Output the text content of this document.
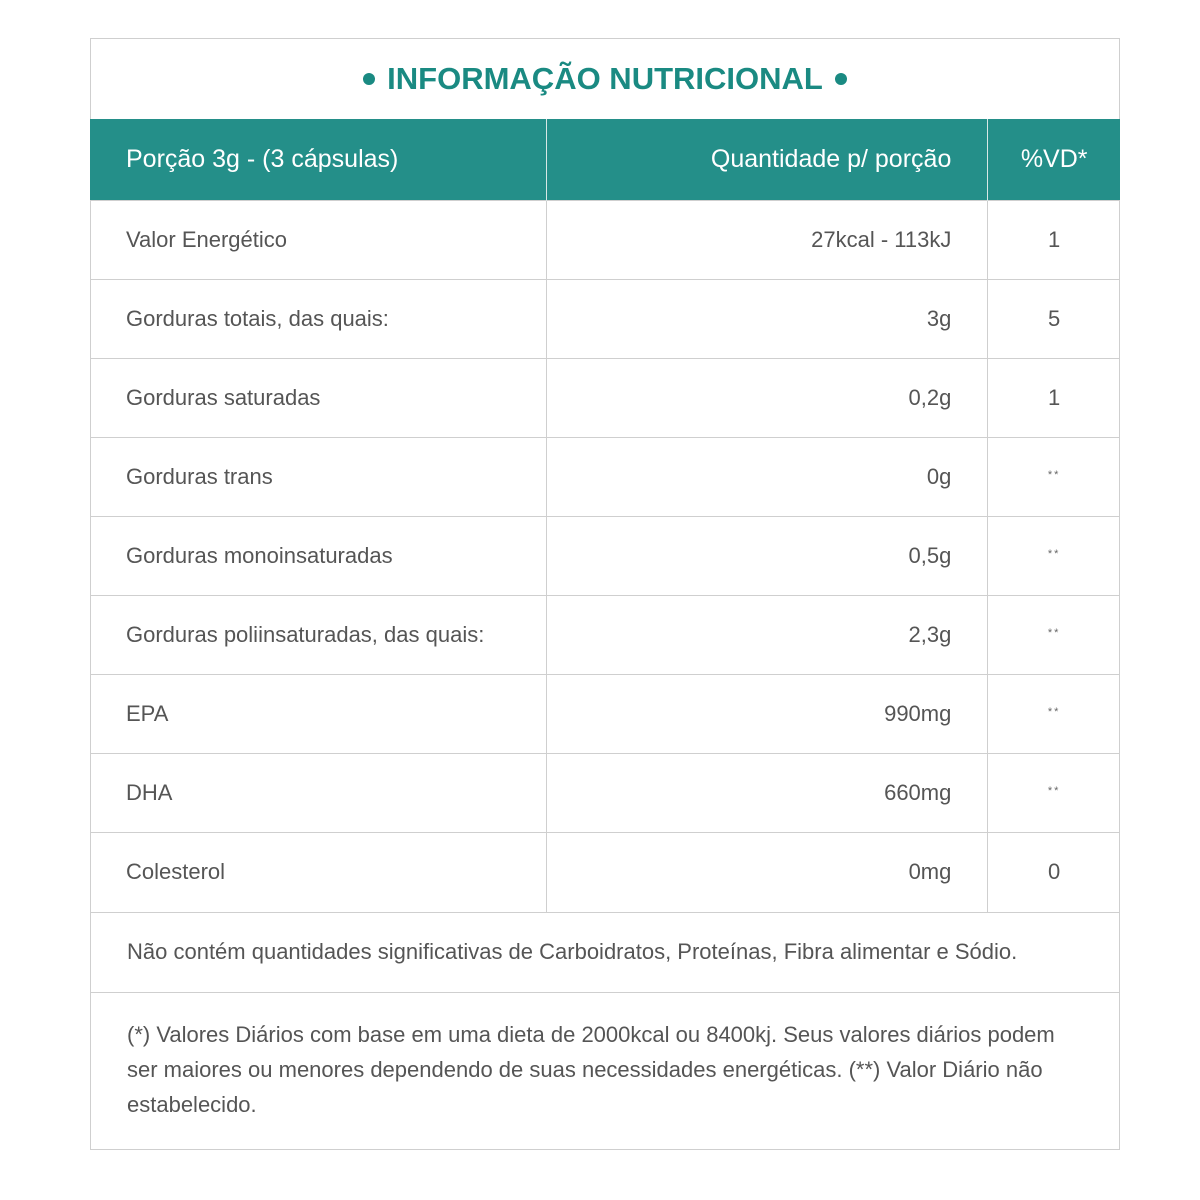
INFORMAÇÃO NUTRICIONAL
Porção 3g - (3 cápsulas)	Quantidade p/ porção	%VD*
Valor Energético	27kcal - 113kJ	1
Gorduras totais, das quais:	3g	5
Gorduras saturadas	0,2g	1
Gorduras trans	0g	**
Gorduras monoinsaturadas	0,5g	**
Gorduras poliinsaturadas, das quais:	2,3g	**
EPA	990mg	**
DHA	660mg	**
Colesterol	0mg	0
Não contém quantidades significativas de Carboidratos, Proteínas, Fibra alimentar e Sódio.
(*) Valores Diários com base em uma dieta de 2000kcal ou 8400kj. Seus valores diários podem ser maiores ou menores dependendo de suas necessidades energéticas. (**) Valor Diário não estabelecido.
